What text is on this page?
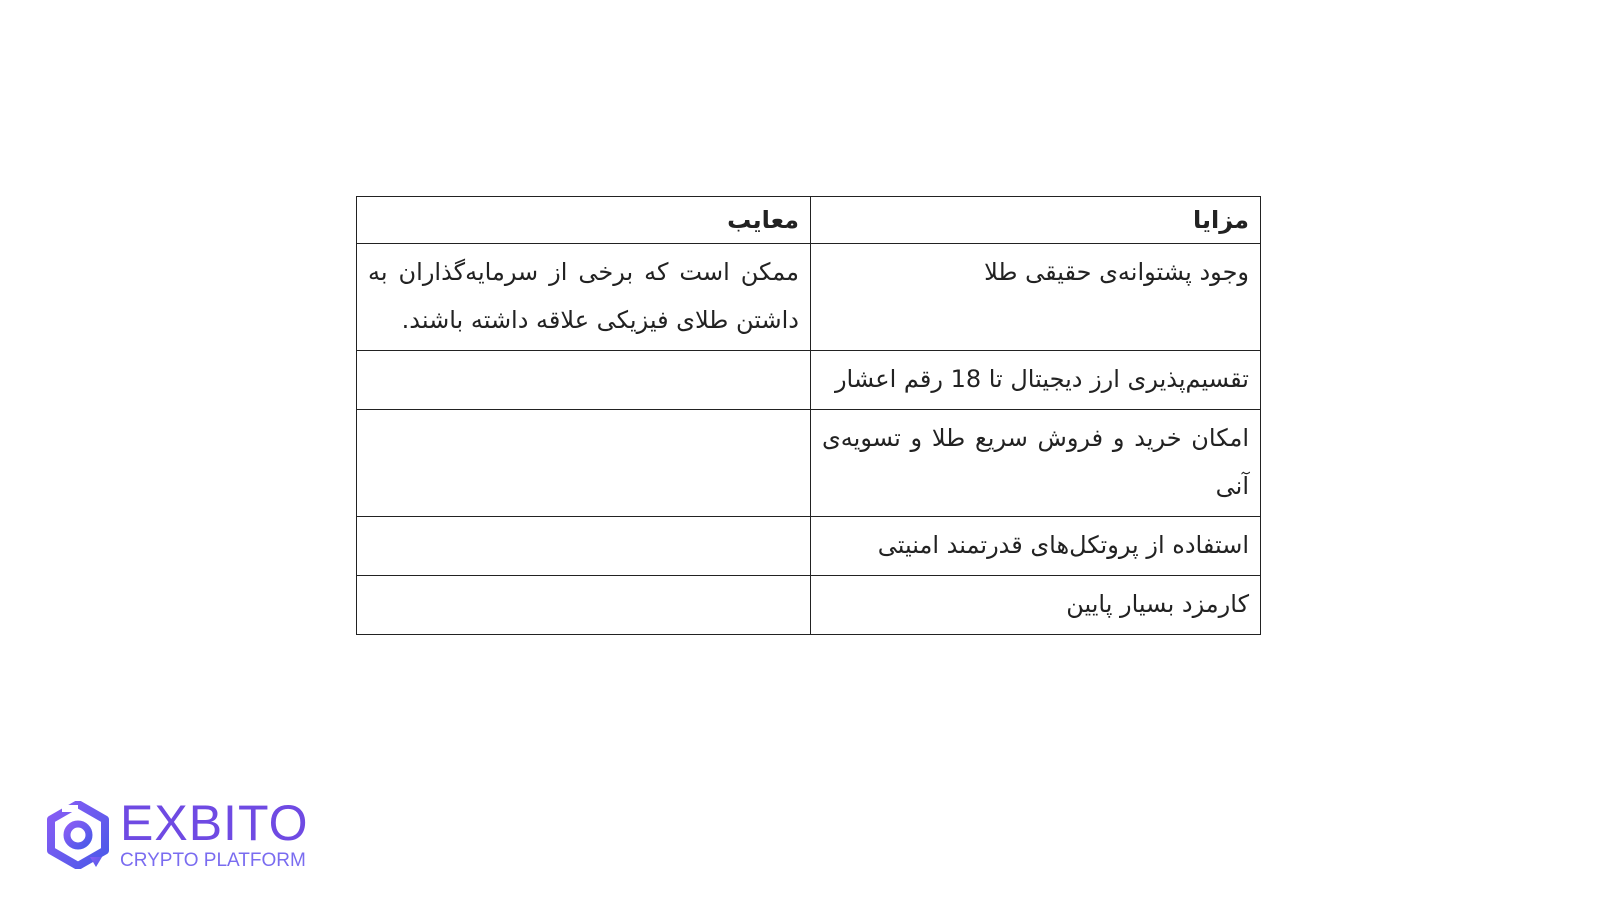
مزایا	معایب
وجود پشتوانه‌ی حقیقی طلا	ممکن است که برخی از سرمایه‌گذاران به داشتن طلای فیزیکی علاقه داشته باشند.
تقسیم‌پذیری ارز دیجیتال تا 18 رقم اعشار	
امکان خرید و فروش سریع طلا و تسویه‌ی آنی	
استفاده از پروتکل‌های قدرتمند امنیتی	
کارمزد بسیار پایین	
EXBITO
CRYPTO PLATFORM
